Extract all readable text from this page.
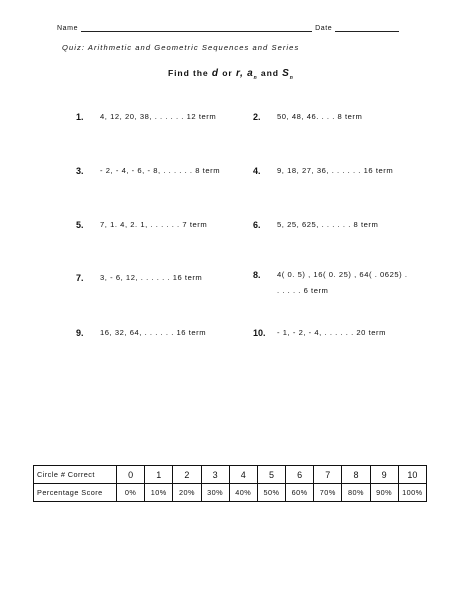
Name	Date
Quiz: Arithmetic and Geometric Sequences and Series
Find the d or r, $a_n$ and $S_n$
1.	4, 12, 20, 38, . . . . . . 12 term	2.	50, 48, 46. . . . 8 term
3.	- 2, - 4, - 6, - 8, . . . . . . 8 term	4.	9, 18, 27, 36, . . . . . . 16 term
5.	7, 1. 4, 2. 1, . . . . . . 7 term	6.	5, 25, 625, . . . . . . 8 term
7.	3, - 6, 12, . . . . . . 16 term	8.	4( 0. 5) , 16( 0. 25) , 64( . 0625) .
. . . . . 6 term
9.	16, 32, 64, . . . . . . 16 term	10.	- 1, - 2, - 4, . . . . . . 20 term
Circle # Correct	0	1	2	3	4	5	6	7	8	9	10
Percentage Score	0%	10%	20%	30%	40%	50%	60%	70%	80%	90%	100%
